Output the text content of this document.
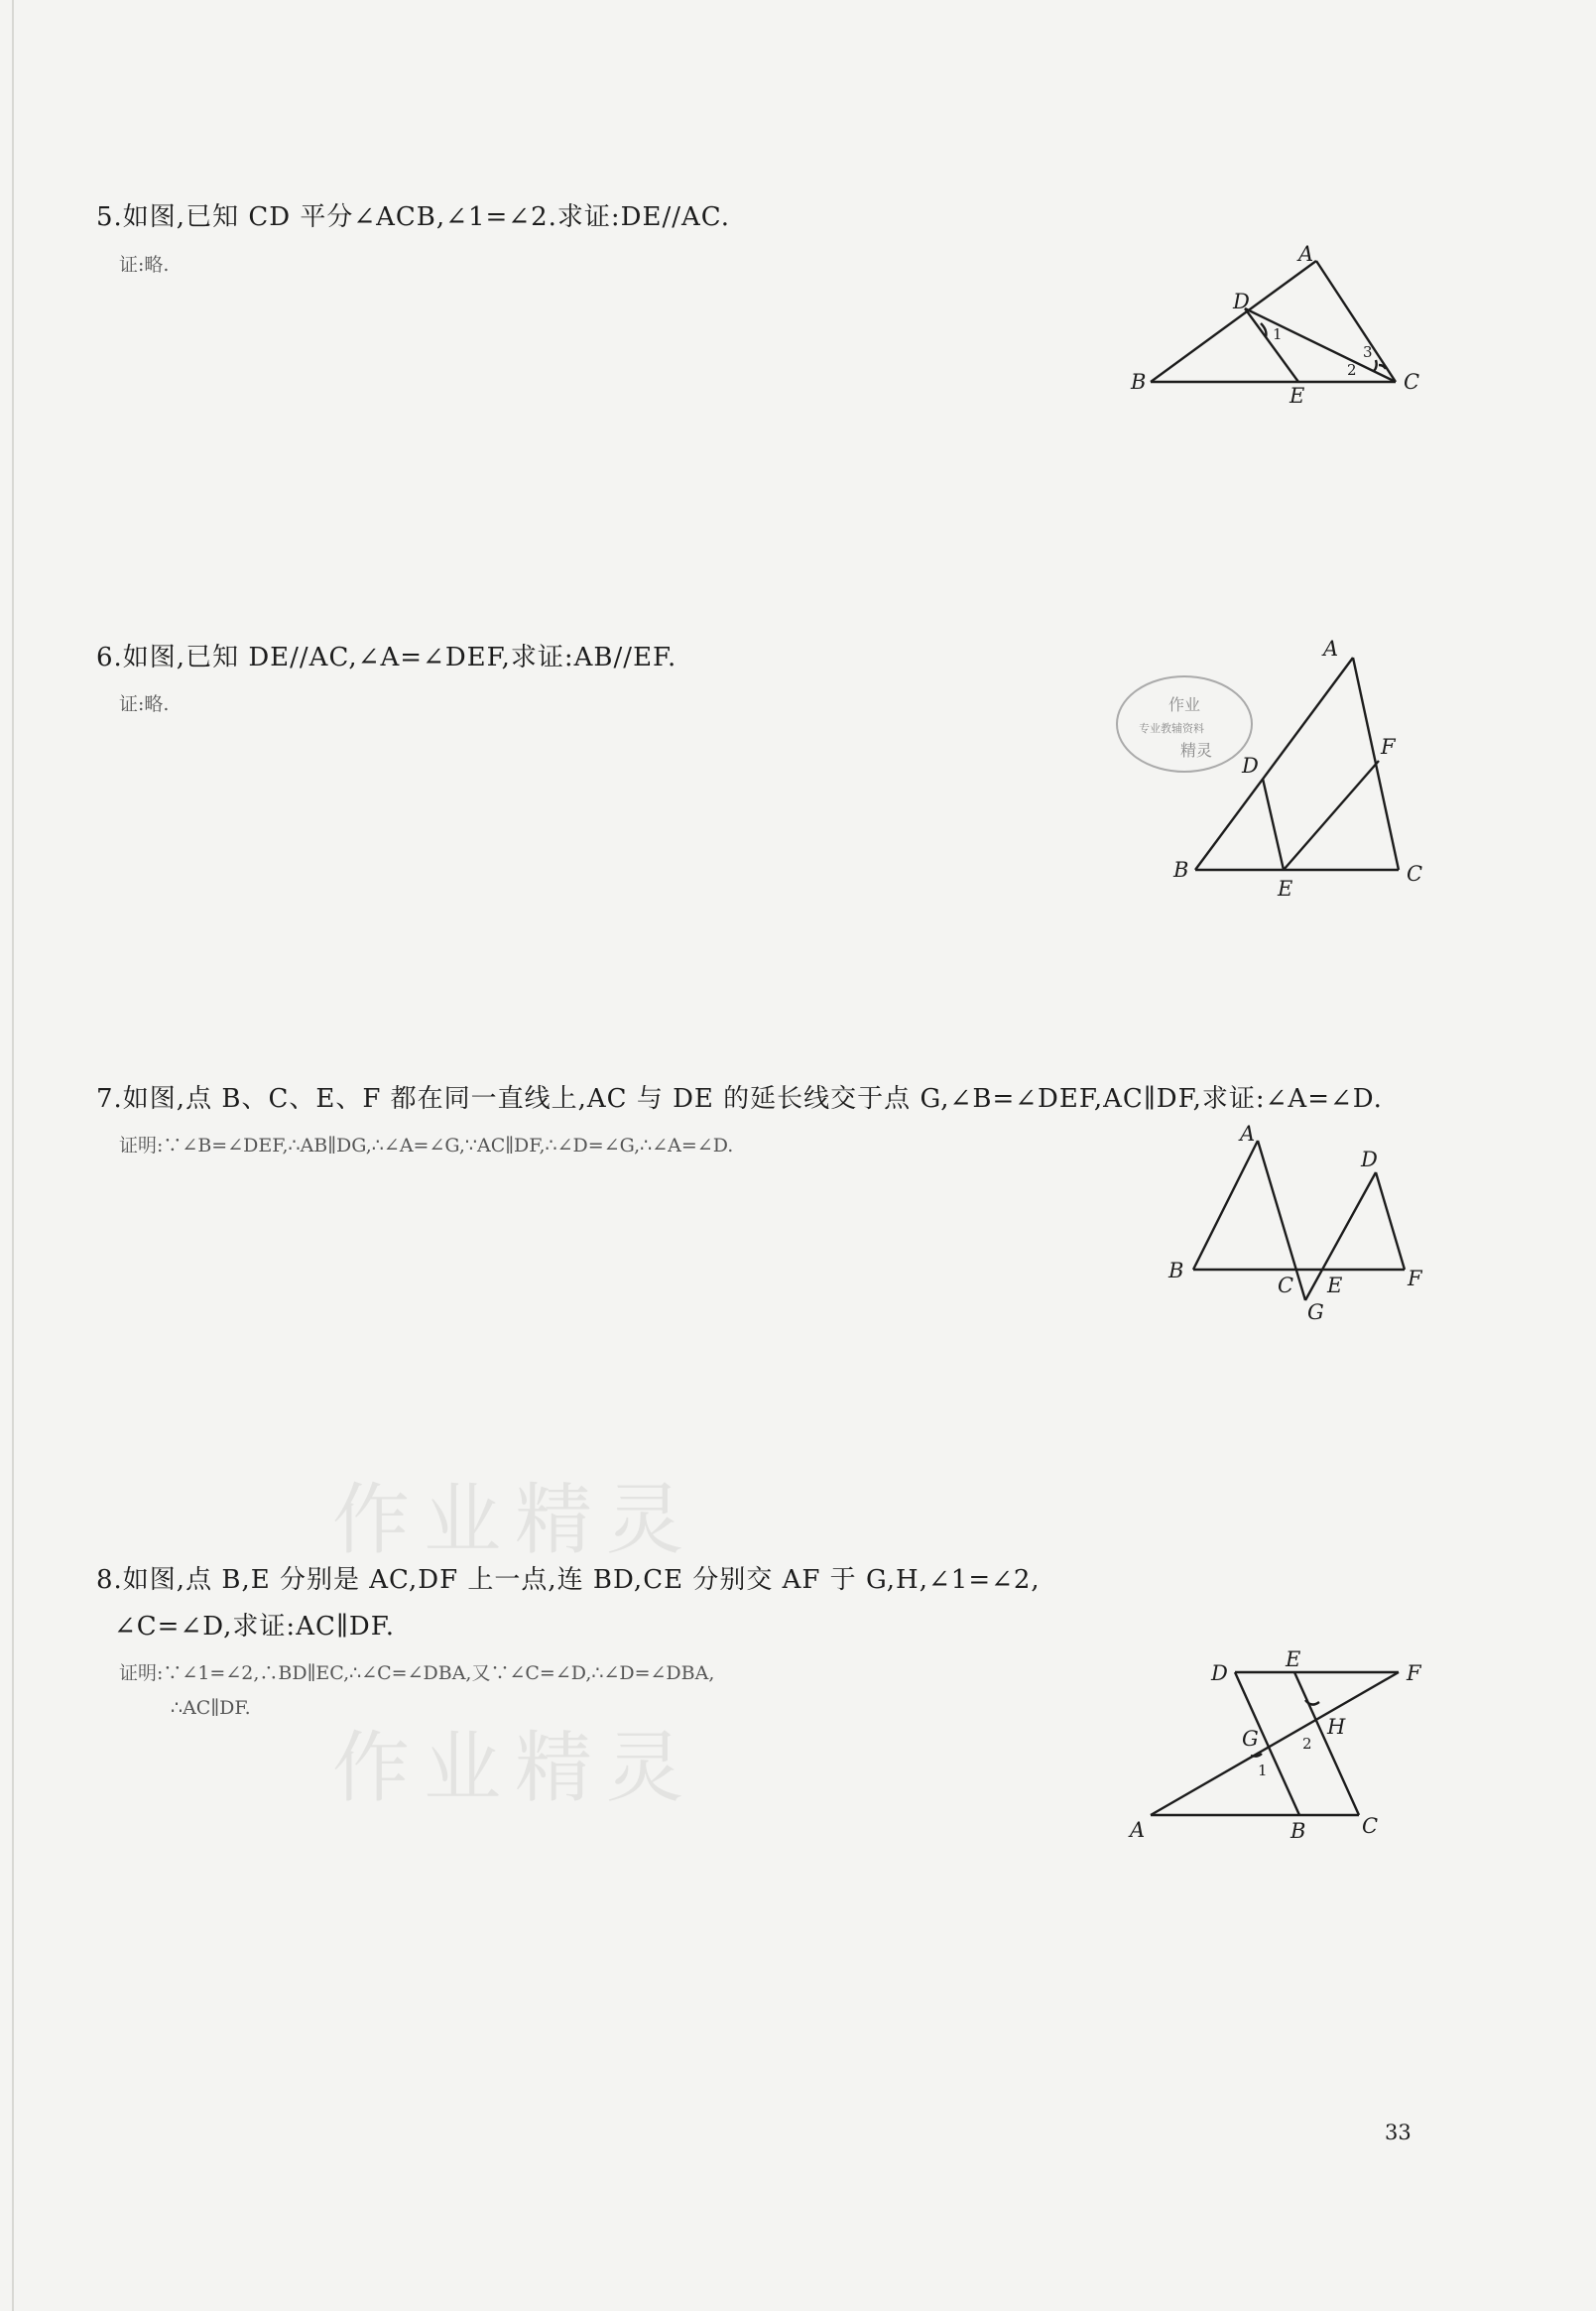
作业精灵
作业精灵
5.如图,已知 CD 平分∠ACB,∠1=∠2.求证:DE//AC.
证:略.	A
B	C
D
E
1
2
3
6.如图,已知 DE//AC,∠A=∠DEF,求证:AB//EF.
证:略.
A
B	C
D
E
F
作业
专业教辅资料
精灵
7.如图,点 B、C、E、F 都在同一直线上,AC 与 DE 的延长线交于点 G,∠B=∠DEF,AC∥DF,求证:∠A=∠D.
证明:∵∠B=∠DEF,∴AB∥DG,∴∠A=∠G,∵AC∥DF,∴∠D=∠G,∴∠A=∠D.	A
B
C
D
E	F
G
8.如图,点 B,E 分别是 AC,DF 上一点,连 BD,CE 分别交 AF 于 G,H,∠1=∠2,
∠C=∠D,求证:AC∥DF.
证明:∵∠1=∠2,∴BD∥EC,∴∠C=∠DBA,又∵∠C=∠D,∴∠D=∠DBA,
∴AC∥DF.
A	B	C
D
E
F
G	H
1
2
33
